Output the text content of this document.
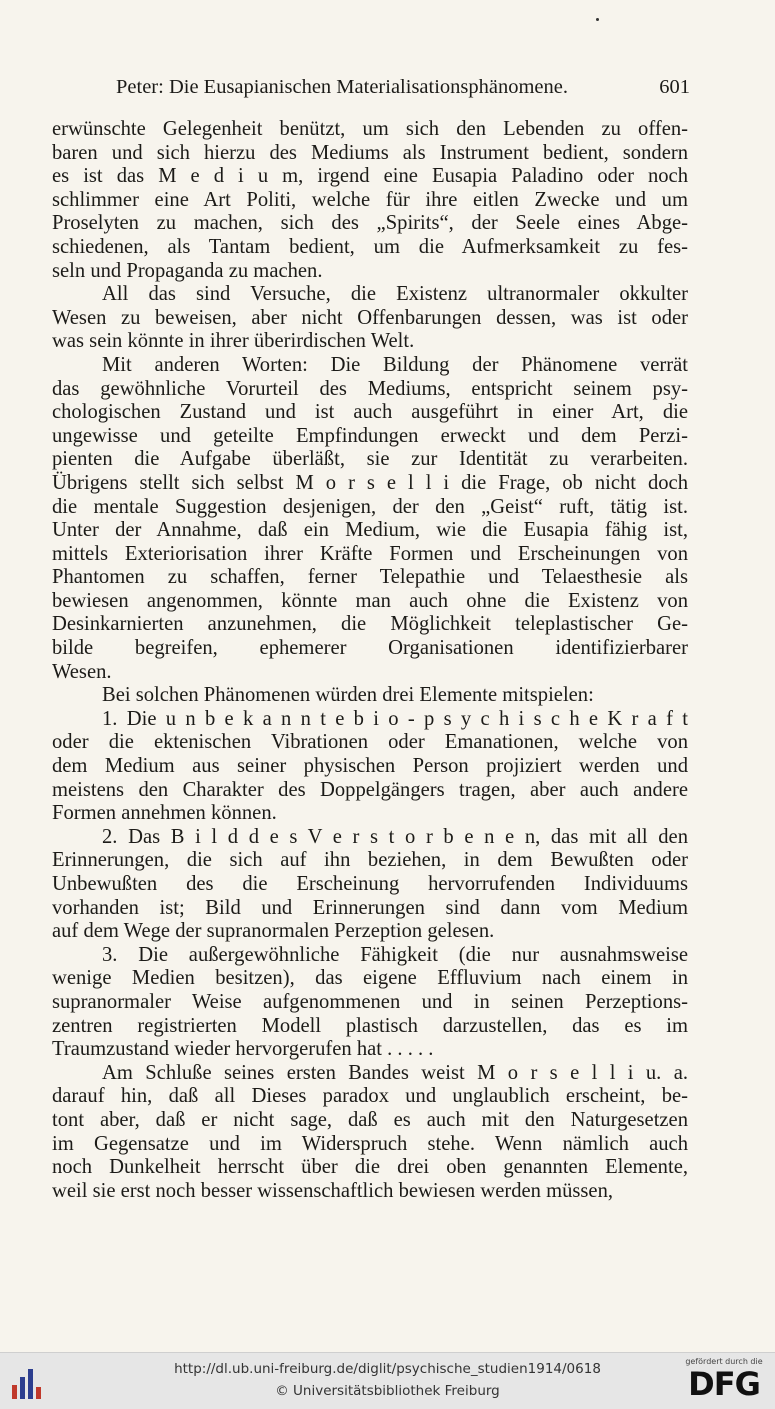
Peter: Die Eusapianischen Materialisationsphänomene.	601
erwünschte Gelegenheit benützt, um sich den Lebenden zu offen-
baren und sich hierzu des Mediums als Instrument bedient, sondern
es ist das M e d i u m, irgend eine Eusapia Paladino oder noch
schlimmer eine Art Politi, welche für ihre eitlen Zwecke und um
Proselyten zu machen, sich des „Spirits“, der Seele eines Abge-
schiedenen, als Tantam bedient, um die Aufmerksamkeit zu fes-
seln und Propaganda zu machen.
All das sind Versuche, die Existenz ultranormaler okkulter
Wesen zu beweisen, aber nicht Offenbarungen dessen, was ist oder
was sein könnte in ihrer überirdischen Welt.
Mit anderen Worten: Die Bildung der Phänomene verrät
das gewöhnliche Vorurteil des Mediums, entspricht seinem psy-
chologischen Zustand und ist auch ausgeführt in einer Art, die
ungewisse und geteilte Empfindungen erweckt und dem Perzi-
pienten die Aufgabe überläßt, sie zur Identität zu verarbeiten.
Übrigens stellt sich selbst M o r s e l l i die Frage, ob nicht doch
die mentale Suggestion desjenigen, der den „Geist“ ruft, tätig ist.
Unter der Annahme, daß ein Medium, wie die Eusapia fähig ist,
mittels Exteriorisation ihrer Kräfte Formen und Erscheinungen von
Phantomen zu schaffen, ferner Telepathie und Telaesthesie als
bewiesen angenommen, könnte man auch ohne die Existenz von
Desinkarnierten anzunehmen, die Möglichkeit teleplastischer Ge-
bilde begreifen, ephemerer Organisationen identifizierbarer
Wesen.
Bei solchen Phänomenen würden drei Elemente mitspielen:
1. Die u n b e k a n n t e b i o - p s y c h i s c h e K r a f t
oder die ektenischen Vibrationen oder Emanationen, welche von
dem Medium aus seiner physischen Person projiziert werden und
meistens den Charakter des Doppelgängers tragen, aber auch andere
Formen annehmen können.
2. Das B i l d d e s V e r s t o r b e n e n, das mit all den
Erinnerungen, die sich auf ihn beziehen, in dem Bewußten oder
Unbewußten des die Erscheinung hervorrufenden Individuums
vorhanden ist; Bild und Erinnerungen sind dann vom Medium
auf dem Wege der supranormalen Perzeption gelesen.
3. Die außergewöhnliche Fähigkeit (die nur ausnahmsweise
wenige Medien besitzen), das eigene Effluvium nach einem in
supranormaler Weise aufgenommenen und in seinen Perzeptions-
zentren registrierten Modell plastisch darzustellen, das es im
Traumzustand wieder hervorgerufen hat . . . . .
Am Schluße seines ersten Bandes weist M o r s e l l i u. a.
darauf hin, daß all Dieses paradox und unglaublich erscheint, be-
tont aber, daß er nicht sage, daß es auch mit den Naturgesetzen
im Gegensatze und im Widerspruch stehe. Wenn nämlich auch
noch Dunkelheit herrscht über die drei oben genannten Elemente,
weil sie erst noch besser wissenschaftlich bewiesen werden müssen,
http://dl.ub.uni-freiburg.de/diglit/psychische_studien1914/0618
© Universitätsbibliothek Freiburg
gefördert durch die
DFG
